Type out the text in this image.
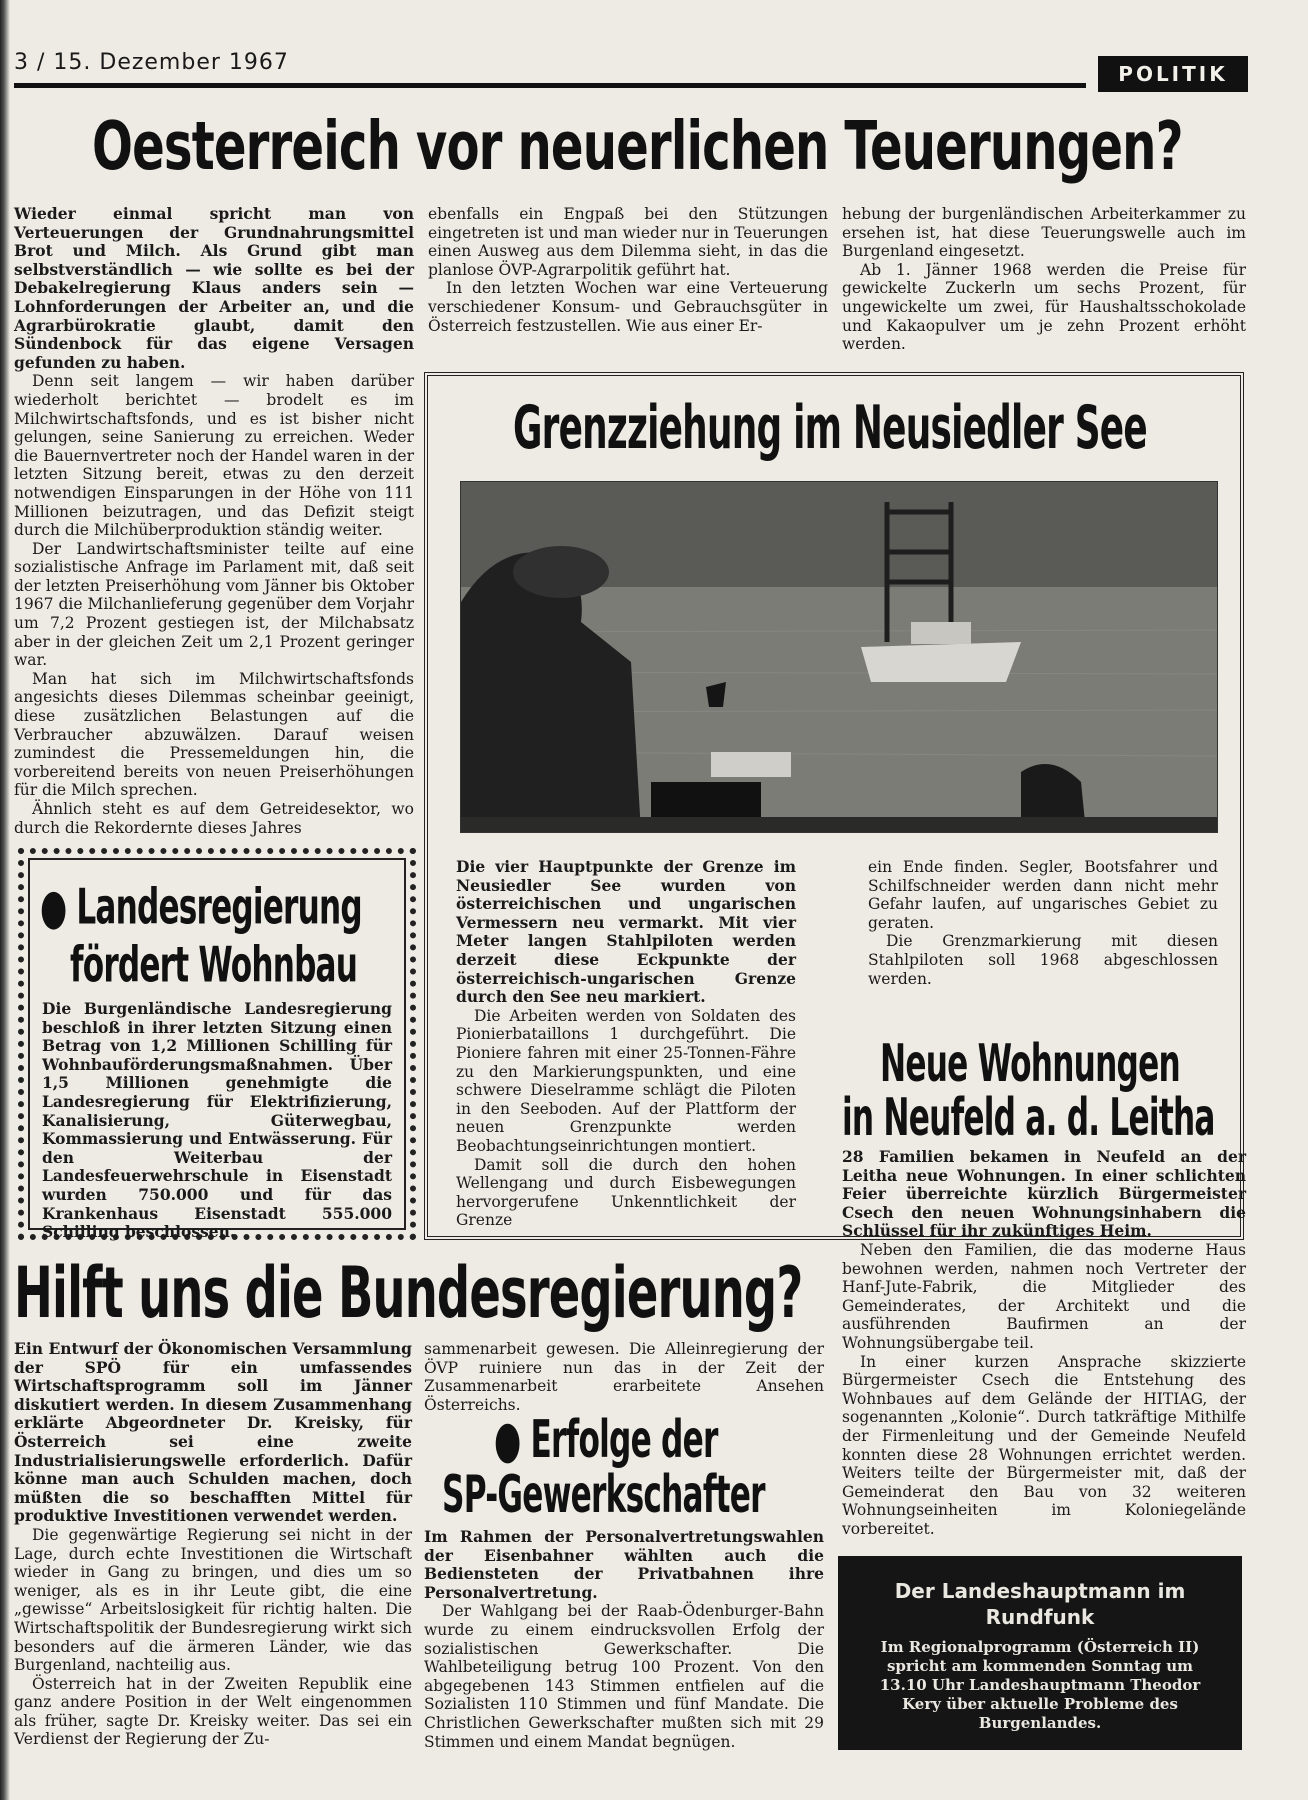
3 / 15. Dezember 1967	POLITIK
Oesterreich vor neuerlichen Teuerungen?

Wieder einmal spricht man von Verteuerungen der Grundnahrungsmittel Brot und Milch. Als Grund gibt man selbstverständlich — wie sollte es bei der Debakelregierung Klaus anders sein — Lohnforderungen der Arbeiter an, und die Agrarbürokratie glaubt, damit den Sündenbock für das eigene Versagen gefunden zu haben.

Denn seit langem — wir haben darüber wiederholt berichtet — brodelt es im Milchwirtschaftsfonds, und es ist bisher nicht gelungen, seine Sanierung zu erreichen. Weder die Bauernvertreter noch der Handel waren in der letzten Sitzung bereit, etwas zu den derzeit notwendigen Einsparungen in der Höhe von 111 Millionen beizutragen, und das Defizit steigt durch die Milchüberproduktion ständig weiter.

Der Landwirtschaftsminister teilte auf eine sozialistische Anfrage im Parlament mit, daß seit der letzten Preiserhöhung vom Jänner bis Oktober 1967 die Milchanlieferung gegenüber dem Vorjahr um 7,2 Prozent gestiegen ist, der Milchabsatz aber in der gleichen Zeit um 2,1 Prozent geringer war.

Man hat sich im Milchwirtschaftsfonds angesichts dieses Dilemmas scheinbar geeinigt, diese zusätzlichen Belastungen auf die Verbraucher abzuwälzen. Darauf weisen zumindest die Pressemeldungen hin, die vorbereitend bereits von neuen Preiserhöhungen für die Milch sprechen.

Ähnlich steht es auf dem Getreidesektor, wo durch die Rekordernte dieses Jahres

ebenfalls ein Engpaß bei den Stützungen eingetreten ist und man wieder nur in Teuerungen einen Ausweg aus dem Dilemma sieht, in das die planlose ÖVP-Agrarpolitik geführt hat.

In den letzten Wochen war eine Verteuerung verschiedener Konsum- und Gebrauchsgüter in Österreich festzustellen. Wie aus einer Er-

hebung der burgenländischen Arbeiterkammer zu ersehen ist, hat diese Teuerungswelle auch im Burgenland eingesetzt.

Ab 1. Jänner 1968 werden die Preise für gewickelte Zuckerln um sechs Prozent, für ungewickelte um zwei, für Haushaltsschokolade und Kakaopulver um je zehn Prozent erhöht werden.

Grenzziehung im Neusiedler See

Die vier Hauptpunkte der Grenze im Neusiedler See wurden von österreichischen und ungarischen Vermessern neu vermarkt. Mit vier Meter langen Stahlpiloten werden derzeit diese Eckpunkte der österreichisch-ungarischen Grenze durch den See neu markiert.

Die Arbeiten werden von Soldaten des Pionierbataillons 1 durchgeführt. Die Pioniere fahren mit einer 25-Tonnen-Fähre zu den Markierungspunkten, und eine schwere Dieselramme schlägt die Piloten in den Seeboden. Auf der Plattform der neuen Grenzpunkte werden Beobachtungseinrichtungen montiert.

Damit soll die durch den hohen Wellengang und durch Eisbewegungen hervorgerufene Unkenntlichkeit der Grenze

ein Ende finden. Segler, Bootsfahrer und Schilfschneider werden dann nicht mehr Gefahr laufen, auf ungarisches Gebiet zu geraten.

Die Grenzmarkierung mit diesen Stahlpiloten soll 1968 abgeschlossen werden.

● Landesregierung
fördert Wohnbau

Die Burgenländische Landesregierung beschloß in ihrer letzten Sitzung einen Betrag von 1,2 Millionen Schilling für Wohnbauförderungsmaßnahmen. Über 1,5 Millionen genehmigte die Landesregierung für Elektrifizierung, Kanalisierung, Güterwegbau, Kommassierung und Entwässerung. Für den Weiterbau der Landesfeuerwehrschule in Eisenstadt wurden 750.000 und für das Krankenhaus Eisenstadt 555.000 Schilling beschlossen.

Neue Wohnungen
in Neufeld a. d. Leitha

28 Familien bekamen in Neufeld an der Leitha neue Wohnungen. In einer schlichten Feier überreichte kürzlich Bürgermeister Csech den neuen Wohnungsinhabern die Schlüssel für ihr zukünftiges Heim.

Neben den Familien, die das moderne Haus bewohnen werden, nahmen noch Vertreter der Hanf-Jute-Fabrik, die Mitglieder des Gemeinderates, der Architekt und die ausführenden Baufirmen an der Wohnungsübergabe teil.

In einer kurzen Ansprache skizzierte Bürgermeister Csech die Entstehung des Wohnbaues auf dem Gelände der HITIAG, der sogenannten „Kolonie“. Durch tatkräftige Mithilfe der Firmenleitung und der Gemeinde Neufeld konnten diese 28 Wohnungen errichtet werden. Weiters teilte der Bürgermeister mit, daß der Gemeinderat den Bau von 32 weiteren Wohnungseinheiten im Koloniegelände vorbereitet.

Hilft uns die Bundesregierung?

Ein Entwurf der Ökonomischen Versammlung der SPÖ für ein umfassendes Wirtschaftsprogramm soll im Jänner diskutiert werden. In diesem Zusammenhang erklärte Abgeordneter Dr. Kreisky, für Österreich sei eine zweite Industrialisierungswelle erforderlich. Dafür könne man auch Schulden machen, doch müßten die so beschafften Mittel für produktive Investitionen verwendet werden.

Die gegenwärtige Regierung sei nicht in der Lage, durch echte Investitionen die Wirtschaft wieder in Gang zu bringen, und dies um so weniger, als es in ihr Leute gibt, die eine „gewisse“ Arbeitslosigkeit für richtig halten. Die Wirtschaftspolitik der Bundesregierung wirkt sich besonders auf die ärmeren Länder, wie das Burgenland, nachteilig aus.

Österreich hat in der Zweiten Republik eine ganz andere Position in der Welt eingenommen als früher, sagte Dr. Kreisky weiter. Das sei ein Verdienst der Regierung der Zu-

sammenarbeit gewesen. Die Alleinregierung der ÖVP ruiniere nun das in der Zeit der Zusammenarbeit erarbeitete Ansehen Österreichs.

● Erfolge der
SP-Gewerkschafter

Im Rahmen der Personalvertretungswahlen der Eisenbahner wählten auch die Bediensteten der Privatbahnen ihre Personalvertretung.

Der Wahlgang bei der Raab-Ödenburger-Bahn wurde zu einem eindrucksvollen Erfolg der sozialistischen Gewerkschafter. Die Wahlbeteiligung betrug 100 Prozent. Von den abgegebenen 143 Stimmen entfielen auf die Sozialisten 110 Stimmen und fünf Mandate. Die Christlichen Gewerkschafter mußten sich mit 29 Stimmen und einem Mandat begnügen.

Der Landeshauptmann im
Rundfunk
Im Regionalprogramm (Österreich II) spricht am kommenden Sonntag um 13.10 Uhr Landeshauptmann Theodor Kery über aktuelle Probleme des Burgenlandes.
